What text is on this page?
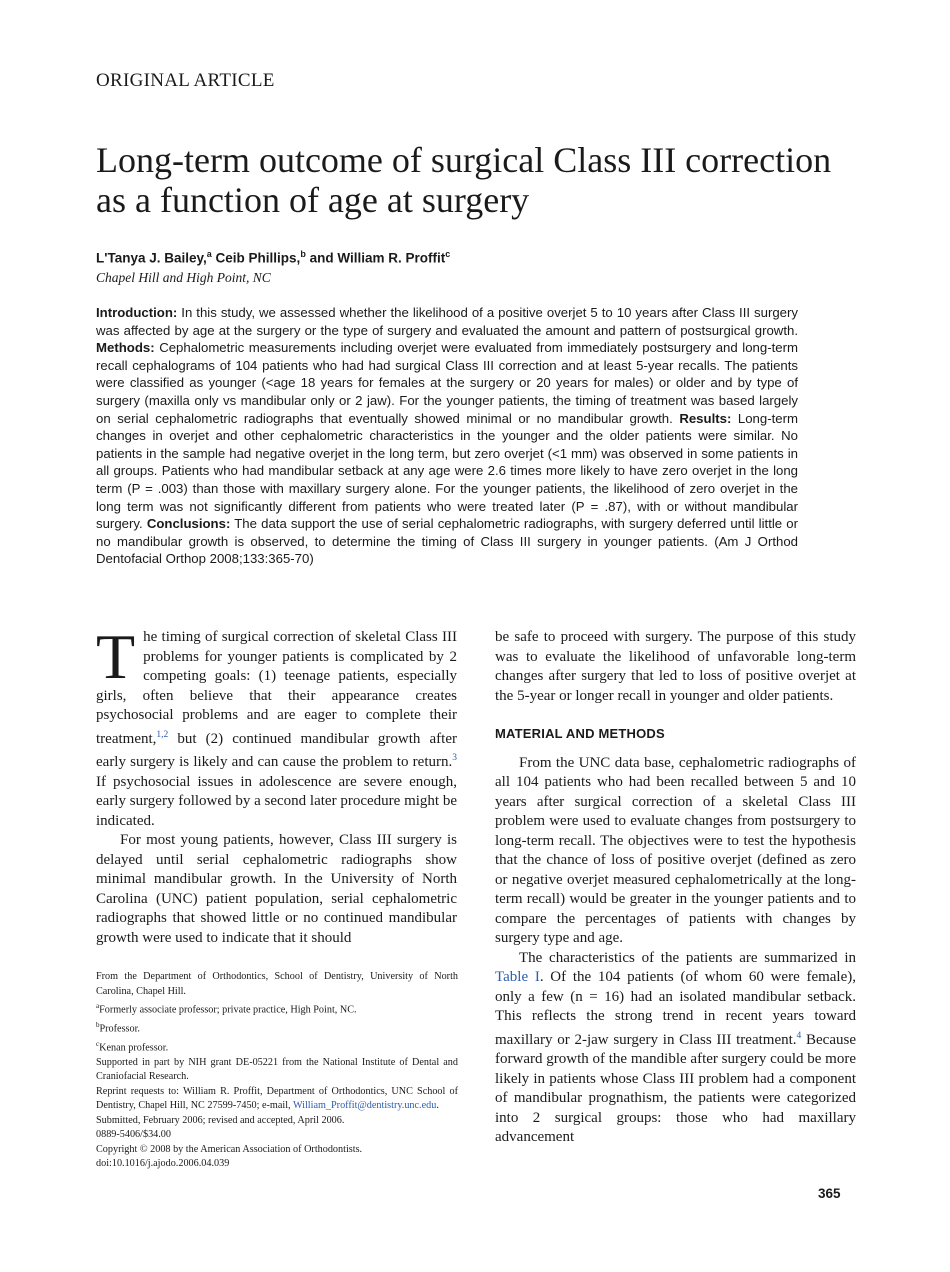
ORIGINAL ARTICLE
Long-term outcome of surgical Class III correction as a function of age at surgery
L'Tanya J. Bailey,$^a$ Ceib Phillips,$^b$ and William R. Proffit$^c$
Chapel Hill and High Point, NC
Introduction: In this study, we assessed whether the likelihood of a positive overjet 5 to 10 years after Class III surgery was affected by age at the surgery or the type of surgery and evaluated the amount and pattern of postsurgical growth. Methods: Cephalometric measurements including overjet were evaluated from immediately postsurgery and long-term recall cephalograms of 104 patients who had had surgical Class III correction and at least 5-year recalls. The patients were classified as younger (<age 18 years for females at the surgery or 20 years for males) or older and by type of surgery (maxilla only vs mandibular only or 2 jaw). For the younger patients, the timing of treatment was based largely on serial cephalometric radiographs that eventually showed minimal or no mandibular growth. Results: Long-term changes in overjet and other cephalometric characteristics in the younger and the older patients were similar. No patients in the sample had negative overjet in the long term, but zero overjet (<1 mm) was observed in some patients in all groups. Patients who had mandibular setback at any age were 2.6 times more likely to have zero overjet in the long term (P = .003) than those with maxillary surgery alone. For the younger patients, the likelihood of zero overjet in the long term was not significantly different from patients who were treated later (P = .87), with or without mandibular surgery. Conclusions: The data support the use of serial cephalometric radiographs, with surgery deferred until little or no mandibular growth is observed, to determine the timing of Class III surgery in younger patients. (Am J Orthod Dentofacial Orthop 2008;133:365-70)

The timing of surgical correction of skeletal Class III problems for younger patients is complicated by 2 competing goals: (1) teenage patients, especially girls, often believe that their appearance creates psychosocial problems and are eager to complete their treatment,$^{1,2}$ but (2) continued mandibular growth after early surgery is likely and can cause the problem to return.$^3$ If psychosocial issues in adolescence are severe enough, early surgery followed by a second later procedure might be indicated.

For most young patients, however, Class III surgery is delayed until serial cephalometric radiographs show minimal mandibular growth. In the University of North Carolina (UNC) patient population, serial cephalometric radiographs that showed little or no continued mandibular growth were used to indicate that it should

be safe to proceed with surgery. The purpose of this study was to evaluate the likelihood of unfavorable long-term changes after surgery that led to loss of positive overjet at the 5-year or longer recall in younger and older patients.

MATERIAL AND METHODS

From the UNC data base, cephalometric radiographs of all 104 patients who had been recalled between 5 and 10 years after surgical correction of a skeletal Class III problem were used to evaluate changes from postsurgery to long-term recall. The objectives were to test the hypothesis that the chance of loss of positive overjet (defined as zero or negative overjet measured cephalometrically at the long-term recall) would be greater in the younger patients and to compare the percentages of patients with changes by surgery type and age.

The characteristics of the patients are summarized in Table I. Of the 104 patients (of whom 60 were female), only a few (n = 16) had an isolated mandibular setback. This reflects the strong trend in recent years toward maxillary or 2-jaw surgery in Class III treatment.$^4$ Because forward growth of the mandible after surgery could be more likely in patients whose Class III problem had a component of mandibular prognathism, the patients were categorized into 2 surgical groups: those who had maxillary advancement

From the Department of Orthodontics, School of Dentistry, University of North Carolina, Chapel Hill.
$^a$Formerly associate professor; private practice, High Point, NC.
$^b$Professor.
$^c$Kenan professor.
Supported in part by NIH grant DE-05221 from the National Institute of Dental and Craniofacial Research.
Reprint requests to: William R. Proffit, Department of Orthodontics, UNC School of Dentistry, Chapel Hill, NC 27599-7450; e-mail, William_Proffit@dentistry.unc.edu.
Submitted, February 2006; revised and accepted, April 2006.
0889-5406/$34.00
Copyright © 2008 by the American Association of Orthodontists.
doi:10.1016/j.ajodo.2006.04.039
365
